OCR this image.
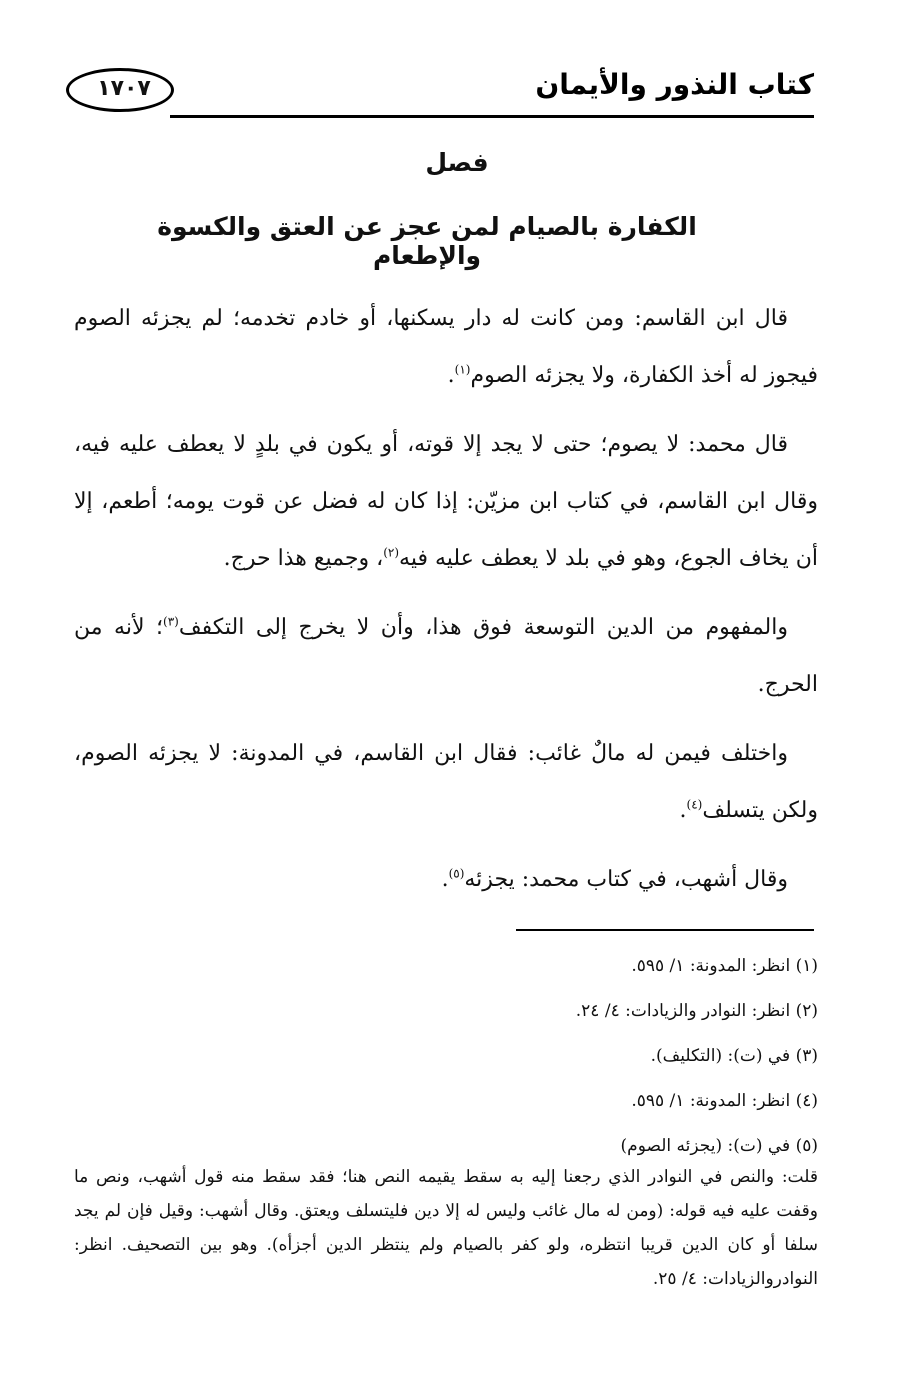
كتاب النذور والأيمان
١٧٠٧
فصل
الكفارة بالصيام لمن عجز عن العتق والكسوة والإطعام

قال ابن القاسم: ومن كانت له دار يسكنها، أو خادم تخدمه؛ لم يجزئه الصوم فيجوز له أخذ الكفارة، ولا يجزئه الصوم$^{(١)}$.

قال محمد: لا يصوم؛ حتى لا يجد إلا قوته، أو يكون في بلدٍ لا يعطف عليه فيه، وقال ابن القاسم، في كتاب ابن مزيّن: إذا كان له فضل عن قوت يومه؛ أطعم، إلا أن يخاف الجوع، وهو في بلد لا يعطف عليه فيه$^{(٢)}$، وجميع هذا حرج.

والمفهوم من الدين التوسعة فوق هذا، وأن لا يخرج إلى التكفف$^{(٣)}$؛ لأنه من الحرج.

واختلف فيمن له مالٌ غائب: فقال ابن القاسم، في المدونة: لا يجزئه الصوم، ولكن يتسلف$^{(٤)}$.

وقال أشهب، في كتاب محمد: يجزئه$^{(٥)}$.

(١) انظر: المدونة: ١/ ٥٩٥.

(٢) انظر: النوادر والزيادات: ٤/ ٢٤.

(٣) في (ت): (التكليف).

(٤) انظر: المدونة: ١/ ٥٩٥.

(٥) في (ت): (يجزئه الصوم)

قلت: والنص في النوادر الذي رجعنا إليه به سقط يقيمه النص هنا؛ فقد سقط منه قول أشهب، ونص ما وقفت عليه فيه قوله: (ومن له مال غائب وليس له إلا دين فليتسلف ويعتق. وقال أشهب: وقيل فإن لم يجد سلفا أو كان الدين قريبا انتظره، ولو كفر بالصيام ولم ينتظر الدين أجزأه). وهو بين التصحيف. انظر: النوادروالزيادات: ٤/ ٢٥.
